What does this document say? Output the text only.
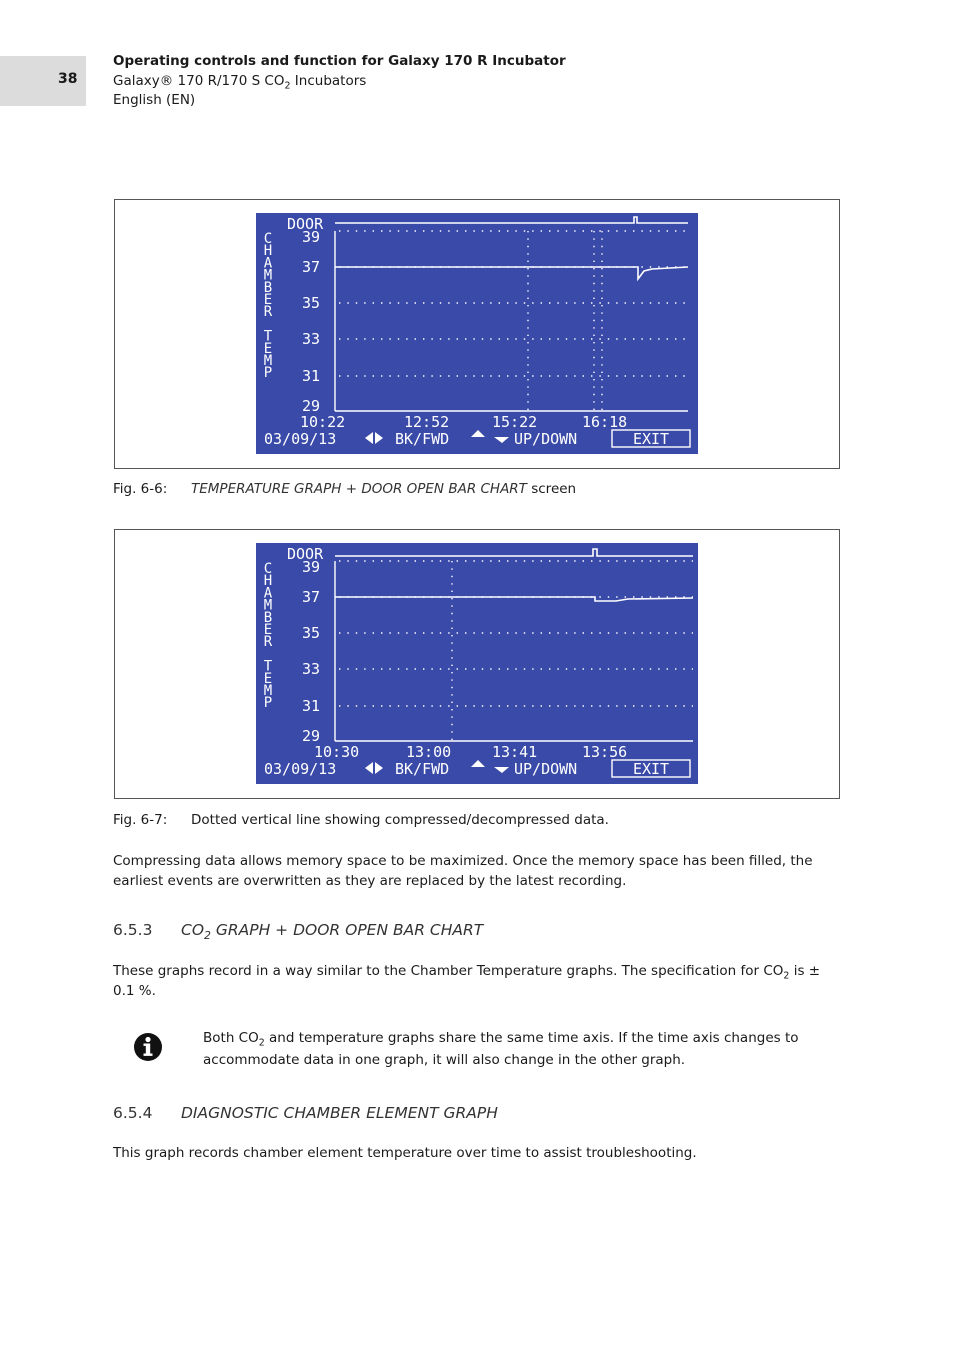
38
Operating controls and function for Galaxy 170 R Incubator
Galaxy® 170 R/170 S $CO_2$ Incubators
English (EN)
C
H
A
M
B
E
R
T
E
M
P
DOOR
39
37
35
33
31
29
10:22	12:52	15:22	16:18
03/09/13	BK/FWD	UP/DOWN	EXIT
Fig. 6-6: TEMPERATURE GRAPH + DOOR OPEN BAR CHART screen
C
H
A
M
B
E
R
T
E
M
P
DOOR
39
37
35
33
31
29
10:30	13:00	13:41	13:56
03/09/13	BK/FWD	UP/DOWN	EXIT
Fig. 6-7: Dotted vertical line showing compressed/decompressed data.
Compressing data allows memory space to be maximized. Once the memory space has been filled, the earliest events are overwritten as they are replaced by the latest recording.
6.5.3 $CO_2$ GRAPH + DOOR OPEN BAR CHART
These graphs record in a way similar to the Chamber Temperature graphs. The specification for $CO_2$ is ± 0.1 %.
Both $CO_2$ and temperature graphs share the same time axis. If the time axis changes to accommodate data in one graph, it will also change in the other graph.
6.5.4 DIAGNOSTIC CHAMBER ELEMENT GRAPH
This graph records chamber element temperature over time to assist troubleshooting.
